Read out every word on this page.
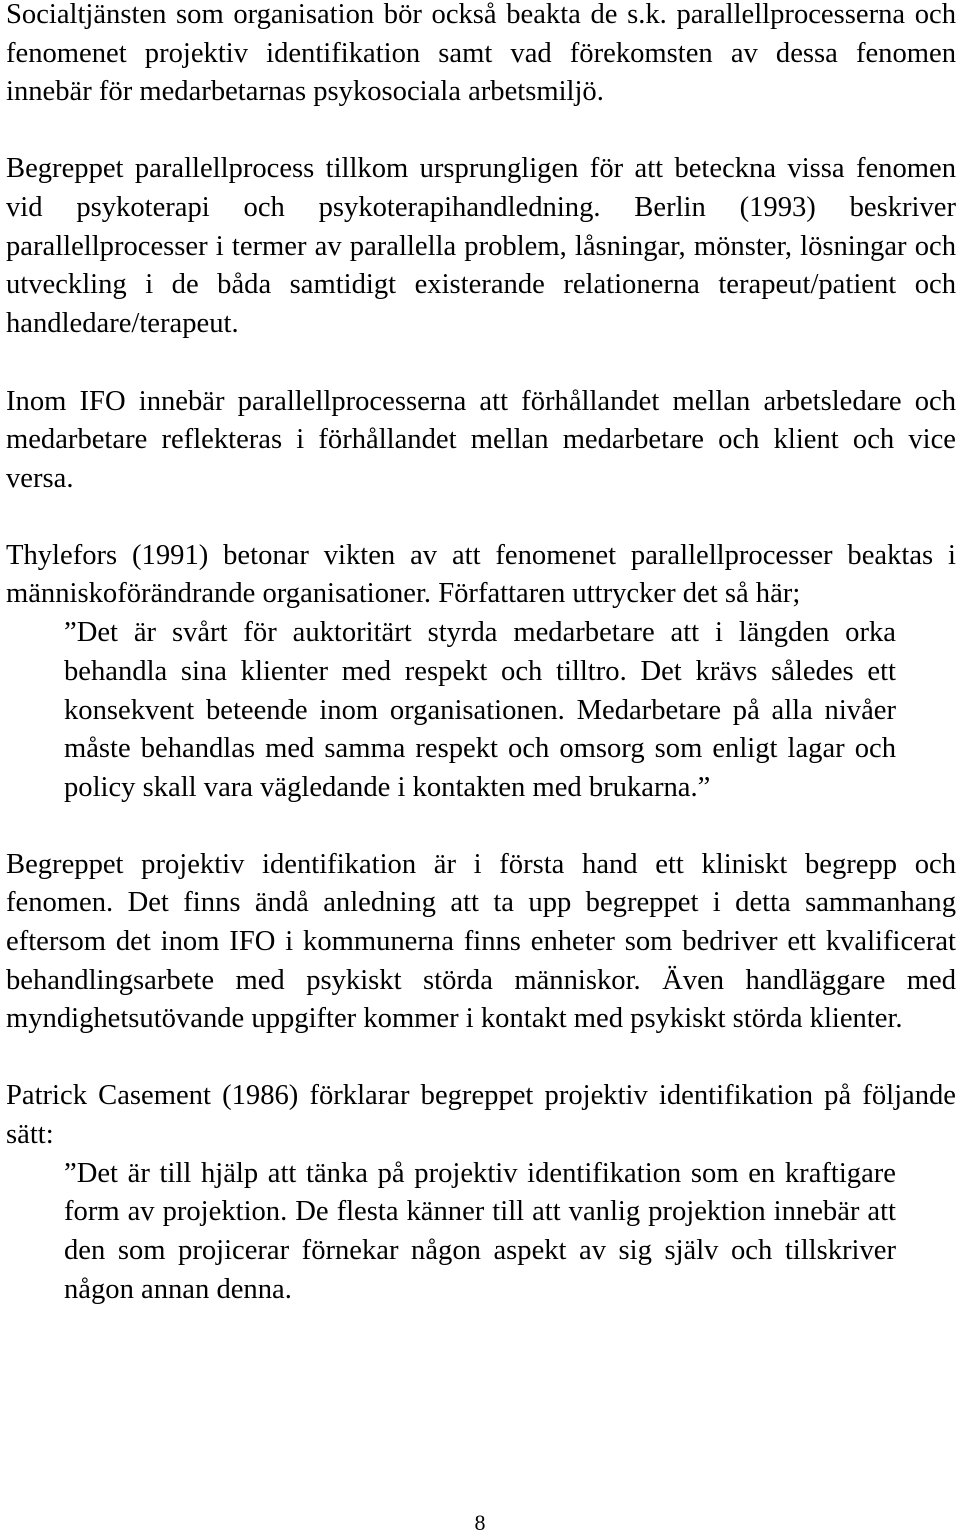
Socialtjänsten som organisation bör också beakta de s.k. parallellprocesserna och fenomenet projektiv identifikation samt vad förekomsten av dessa fenomen innebär för medarbetarnas psykosociala arbetsmiljö.

Begreppet parallellprocess tillkom ursprungligen för att beteckna vissa fenomen vid psykoterapi och psykoterapihandledning. Berlin (1993) beskriver parallellprocesser i termer av parallella problem, låsningar, mönster, lösningar och utveckling i de båda samtidigt existerande relationerna terapeut/patient och handledare/terapeut.

Inom IFO innebär parallellprocesserna att förhållandet mellan arbetsledare och medarbetare reflekteras i förhållandet mellan medarbetare och klient och vice versa.

Thylefors (1991) betonar vikten av att fenomenet parallellprocesser beaktas i människoförändrande organisationer. Författaren uttrycker det så här;

”Det är svårt för auktoritärt styrda medarbetare att i längden orka behandla sina klienter med respekt och tilltro. Det krävs således ett konsekvent beteende inom organisationen. Medarbetare på alla nivåer måste behandlas med samma respekt och omsorg som enligt lagar och policy skall vara vägledande i kontakten med brukarna.”

Begreppet projektiv identifikation är i första hand ett kliniskt begrepp och fenomen. Det finns ändå anledning att ta upp begreppet i detta sammanhang eftersom det inom IFO i kommunerna finns enheter som bedriver ett kvalificerat behandlingsarbete med psykiskt störda människor. Även handläggare med myndighetsutövande uppgifter kommer i kontakt med psykiskt störda klienter.

Patrick Casement (1986) förklarar begreppet projektiv identifikation på följande sätt:

”Det är till hjälp att tänka på projektiv identifikation som en kraftigare form av projektion. De flesta känner till att vanlig projektion innebär att den som projicerar förnekar någon aspekt av sig själv och tillskriver någon annan denna.
8
